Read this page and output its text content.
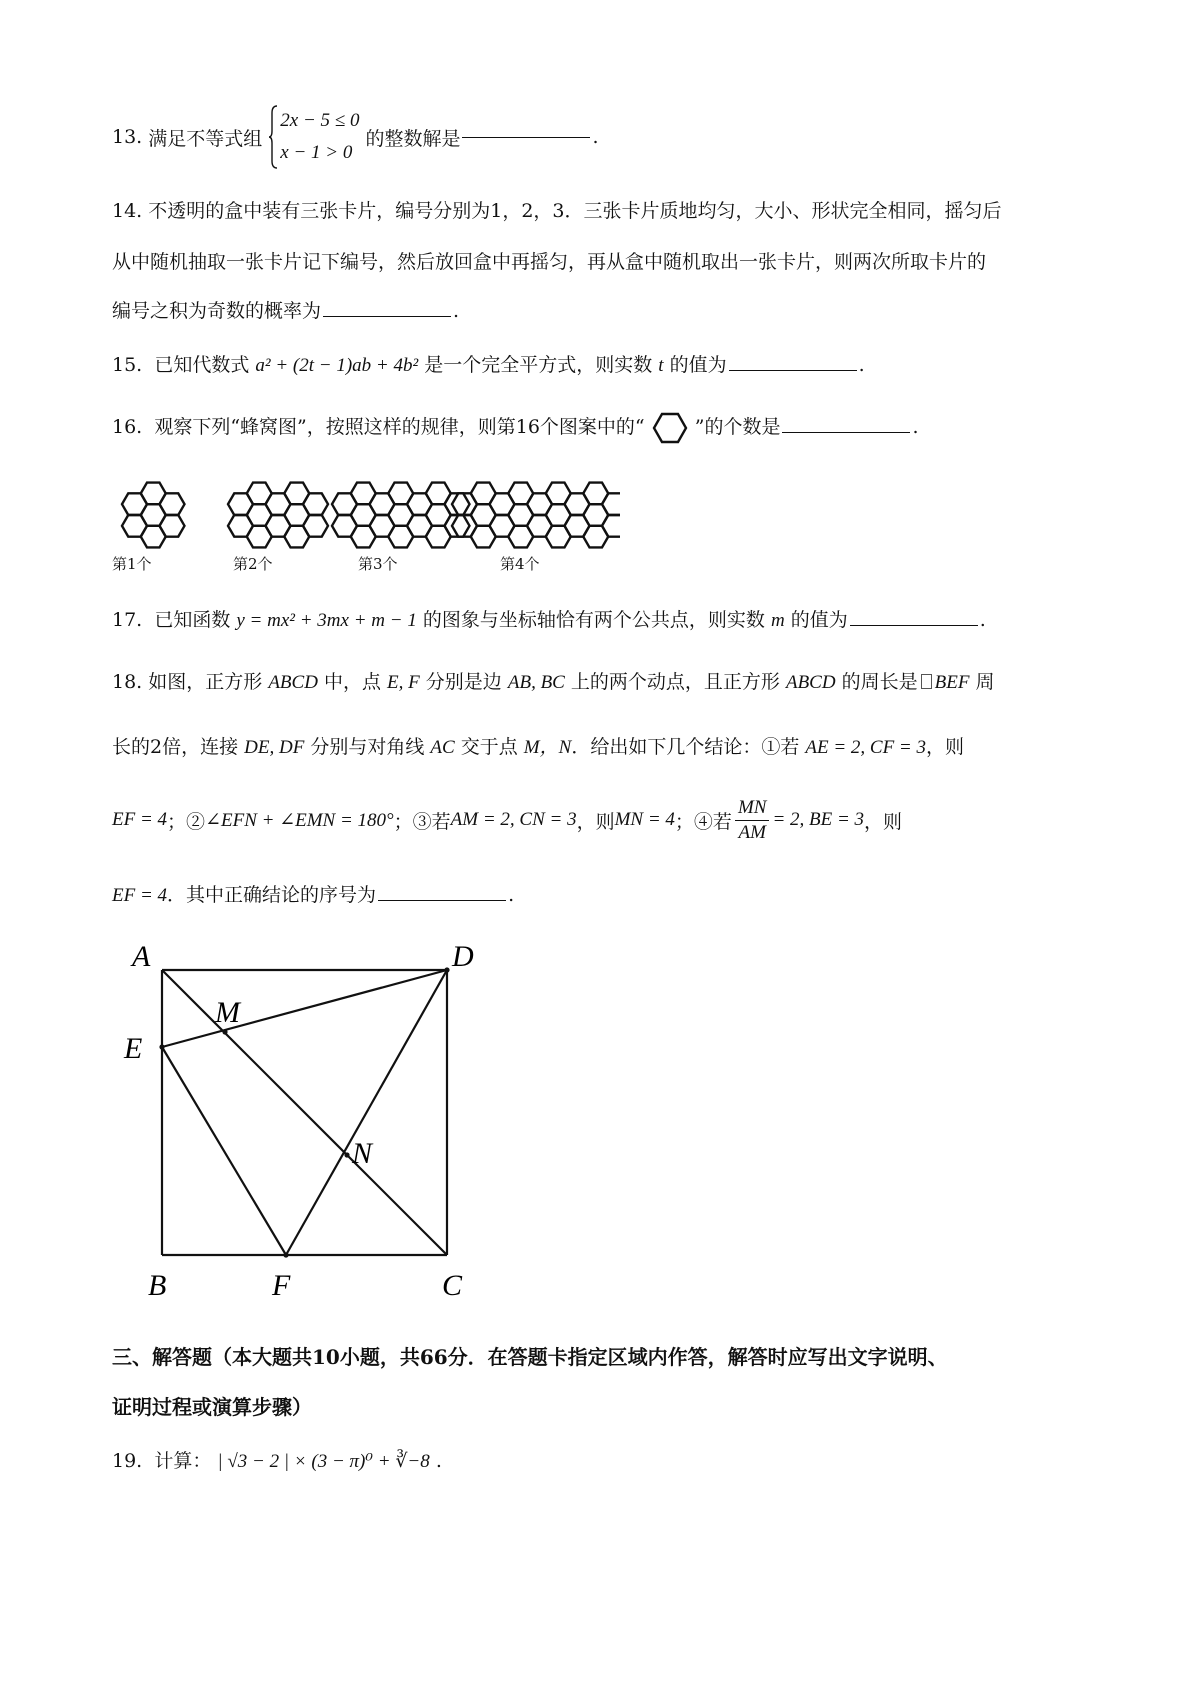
13.
满足不等式组
2x − 5 ≤ 0
x − 1 > 0
的整数解是	.
14. 不透明的盒中装有三张卡片，编号分别为1，2，3．三张卡片质地均匀，大小、形状完全相同，摇匀后
从中随机抽取一张卡片记下编号，然后放回盒中再摇匀，再从盒中随机取出一张卡片，则两次所取卡片的
编号之积为奇数的概率为	.
15. 已知代数式 a² + (2t − 1)ab + 4b² 是一个完全平方式，则实数 t 的值为	.
16. 观察下列“蜂窝图”，按照这样的规律，则第16个图案中的“	”的个数是	.
第1个	第2个	第3个	第4个
17. 已知函数 y = mx² + 3mx + m − 1 的图象与坐标轴恰有两个公共点，则实数 m 的值为	.
18. 如图，正方形 ABCD 中，点 E, F 分别是边 AB, BC 上的两个动点，且正方形 ABCD 的周长是 BEF 周
长的2倍，连接 DE, DF 分别与对角线 AC 交于点 M，N．给出如下几个结论：①若 AE = 2, CF = 3，则
EF = 4 ；② ∠EFN + ∠EMN = 180° ；③若 AM = 2, CN = 3 ，则 MN = 4 ；④若 $\frac{MN}{AM} = 2$, BE = 3 ，则
EF = 4．其中正确结论的序号为	.
A	D
M
E
N
B	F	C
三、解答题（本大题共10小题，共66分．在答题卡指定区域内作答，解答时应写出文字说明、
证明过程或演算步骤）
19. 计算： | √3 − 2 | × (3 − π)⁰ + ∛−8 .
